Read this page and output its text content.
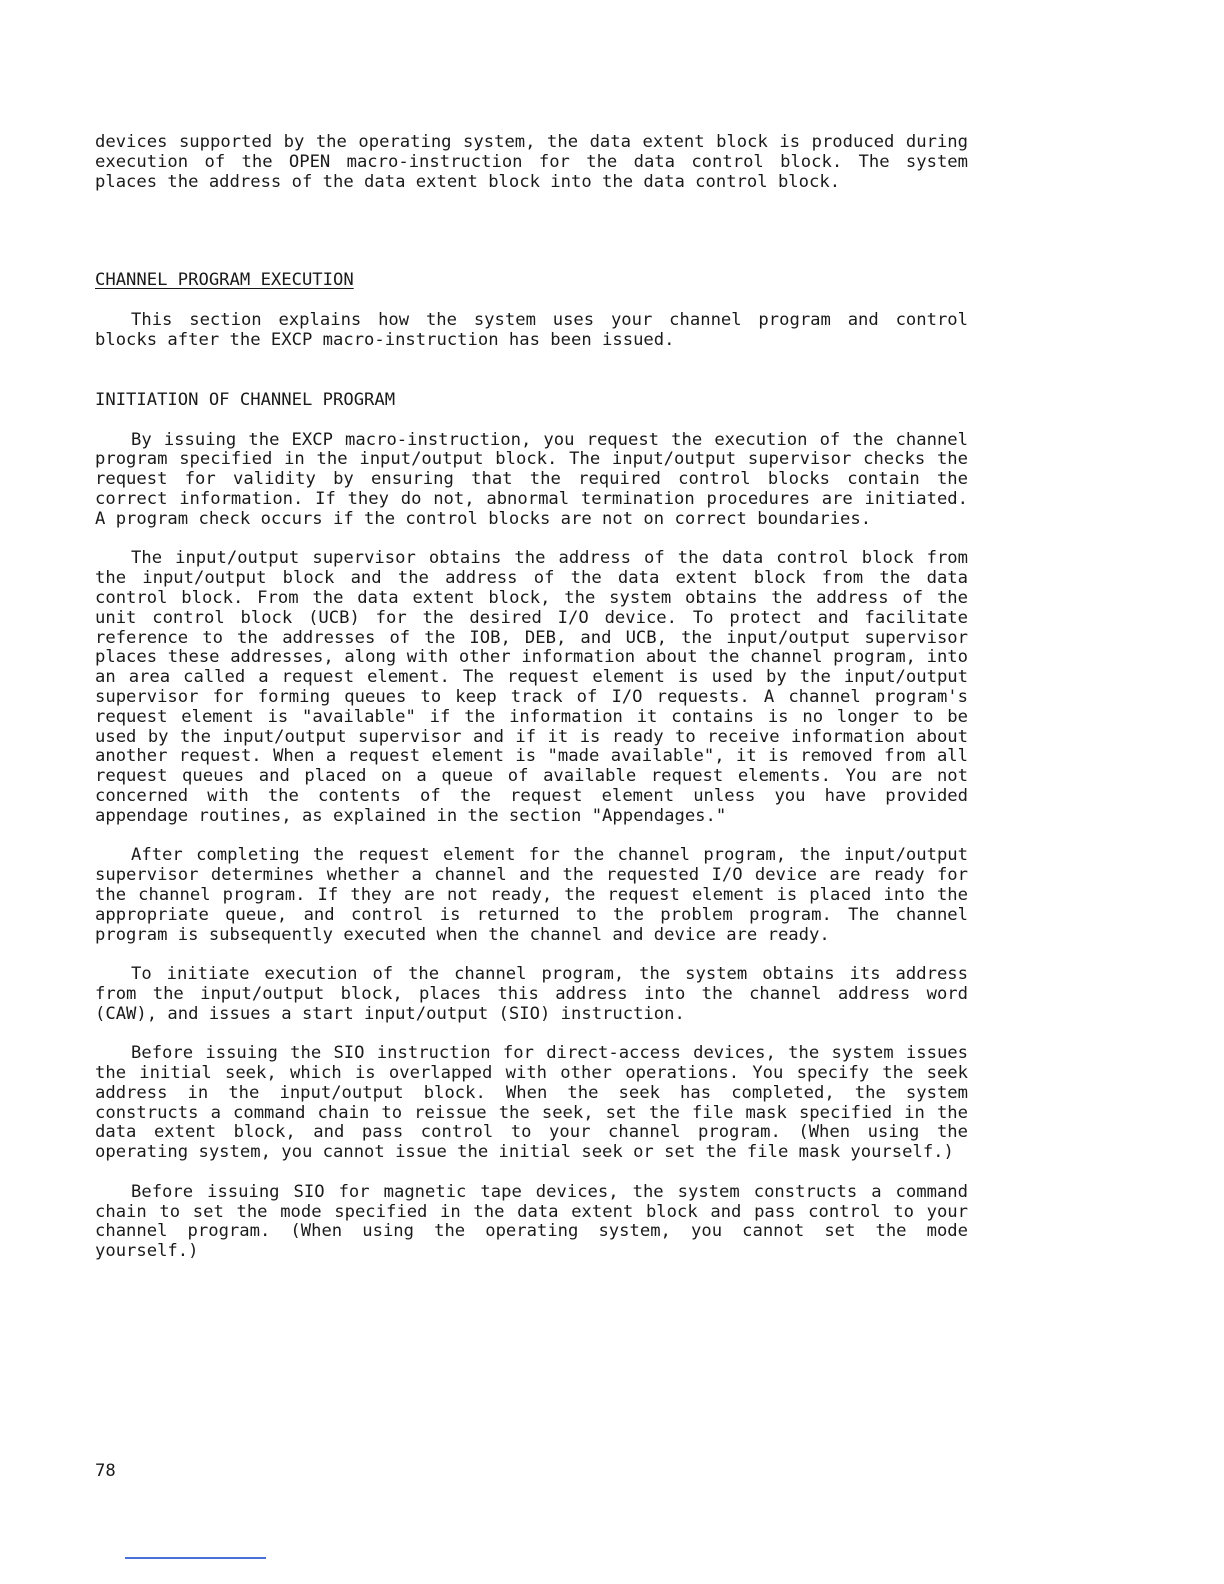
devices supported by the operating system, the data extent block is produced during execution of the OPEN macro-instruction for the data control block. The system places the address of the data extent block into the data control block.

CHANNEL PROGRAM EXECUTION

This section explains how the system uses your channel program and control blocks after the EXCP macro-instruction has been issued.

INITIATION OF CHANNEL PROGRAM

By issuing the EXCP macro-instruction, you request the execution of the channel program specified in the input/output block. The input/output supervisor checks the request for validity by ensuring that the required control blocks contain the correct information. If they do not, abnormal termination procedures are initiated. A program check occurs if the control blocks are not on correct boundaries.

The input/output supervisor obtains the address of the data control block from the input/output block and the address of the data extent block from the data control block. From the data extent block, the system obtains the address of the unit control block (UCB) for the desired I/O device. To protect and facilitate reference to the addresses of the IOB, DEB, and UCB, the input/output supervisor places these addresses, along with other information about the channel program, into an area called a request element. The request element is used by the input/output supervisor for forming queues to keep track of I/O requests. A channel program's request element is "available" if the information it contains is no longer to be used by the input/output supervisor and if it is ready to receive information about another request. When a request element is "made available", it is removed from all request queues and placed on a queue of available request elements. You are not concerned with the contents of the request element unless you have provided appendage routines, as explained in the section "Appendages."

After completing the request element for the channel program, the input/output supervisor determines whether a channel and the requested I/O device are ready for the channel program. If they are not ready, the request element is placed into the appropriate queue, and control is returned to the problem program. The channel program is subsequently executed when the channel and device are ready.

To initiate execution of the channel program, the system obtains its address from the input/output block, places this address into the channel address word (CAW), and issues a start input/output (SIO) instruction.

Before issuing the SIO instruction for direct-access devices, the system issues the initial seek, which is overlapped with other operations. You specify the seek address in the input/output block. When the seek has completed, the system constructs a command chain to reissue the seek, set the file mask specified in the data extent block, and pass control to your channel program. (When using the operating system, you cannot issue the initial seek or set the file mask yourself.)

Before issuing SIO for magnetic tape devices, the system constructs a command chain to set the mode specified in the data extent block and pass control to your channel program. (When using the operating system, you cannot set the mode yourself.)

78
